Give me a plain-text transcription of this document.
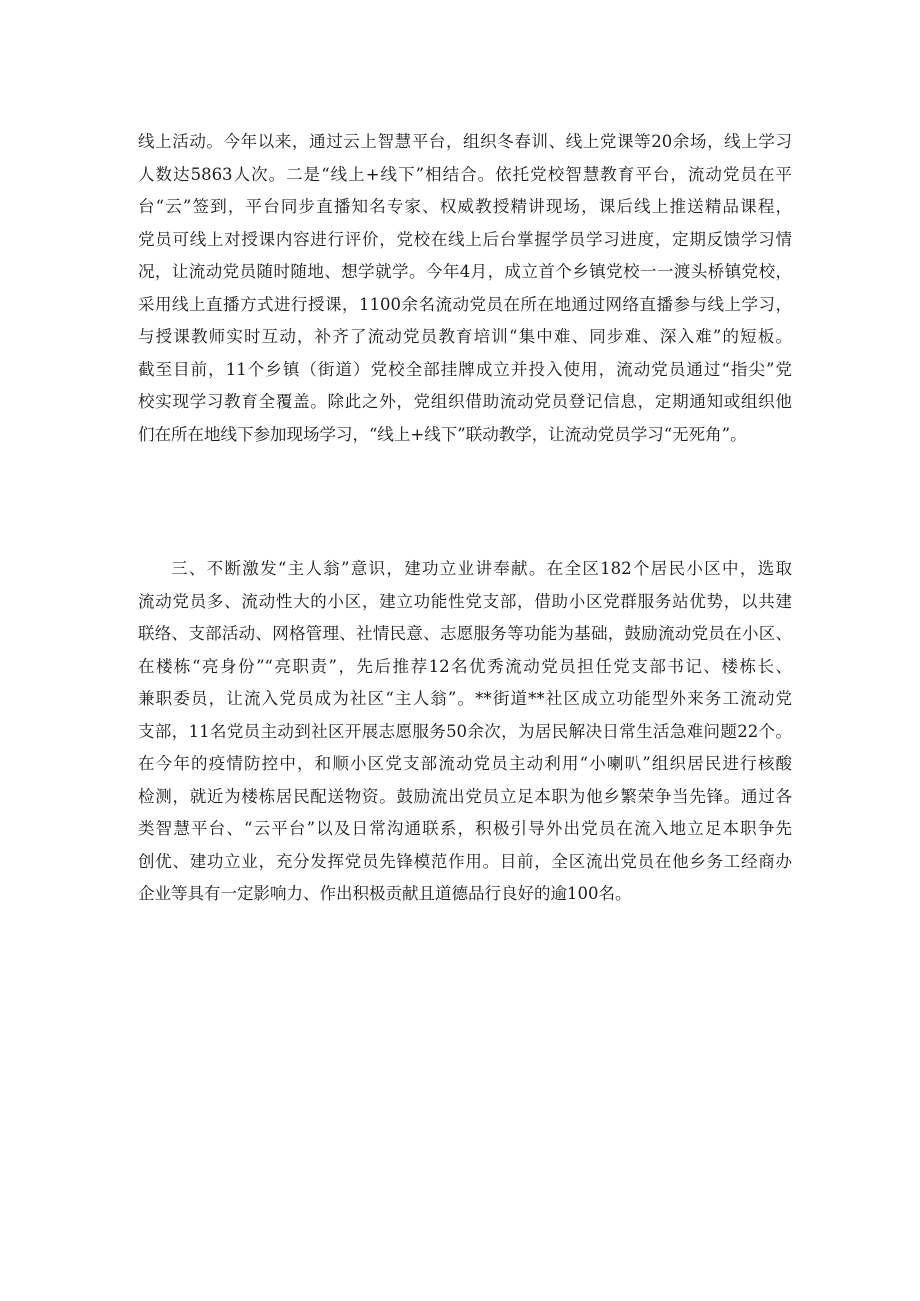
线上活动。今年以来，通过云上智慧平台，组织冬春训、线上党课等20余场，线上学习
人数达5863人次。二是“线上+线下”相结合。依托党校智慧教育平台，流动党员在平
台“云”签到，平台同步直播知名专家、权威教授精讲现场，课后线上推送精品课程，
党员可线上对授课内容进行评价，党校在线上后台掌握学员学习进度，定期反馈学习情
况，让流动党员随时随地、想学就学。今年4月，成立首个乡镇党校一一渡头桥镇党校，
采用线上直播方式进行授课，1100余名流动党员在所在地通过网络直播参与线上学习，
与授课教师实时互动，补齐了流动党员教育培训“集中难、同步难、深入难”的短板。
截至目前，11个乡镇（街道）党校全部挂牌成立并投入使用，流动党员通过“指尖”党
校实现学习教育全覆盖。除此之外，党组织借助流动党员登记信息，定期通知或组织他
们在所在地线下参加现场学习，“线上+线下”联动教学，让流动党员学习“无死角”。
三、不断激发“主人翁”意识，建功立业讲奉献。在全区182个居民小区中，选取
流动党员多、流动性大的小区，建立功能性党支部，借助小区党群服务站优势，以共建
联络、支部活动、网格管理、社情民意、志愿服务等功能为基础，鼓励流动党员在小区、
在楼栋“亮身份”“亮职责”，先后推荐12名优秀流动党员担任党支部书记、楼栋长、
兼职委员，让流入党员成为社区“主人翁”。**街道**社区成立功能型外来务工流动党
支部，11名党员主动到社区开展志愿服务50余次，为居民解决日常生活急难问题22个。
在今年的疫情防控中，和顺小区党支部流动党员主动利用“小喇叭”组织居民进行核酸
检测，就近为楼栋居民配送物资。鼓励流出党员立足本职为他乡繁荣争当先锋。通过各
类智慧平台、“云平台”以及日常沟通联系，积极引导外出党员在流入地立足本职争先
创优、建功立业，充分发挥党员先锋模范作用。目前，全区流出党员在他乡务工经商办
企业等具有一定影响力、作出积极贡献且道德品行良好的逾100名。
